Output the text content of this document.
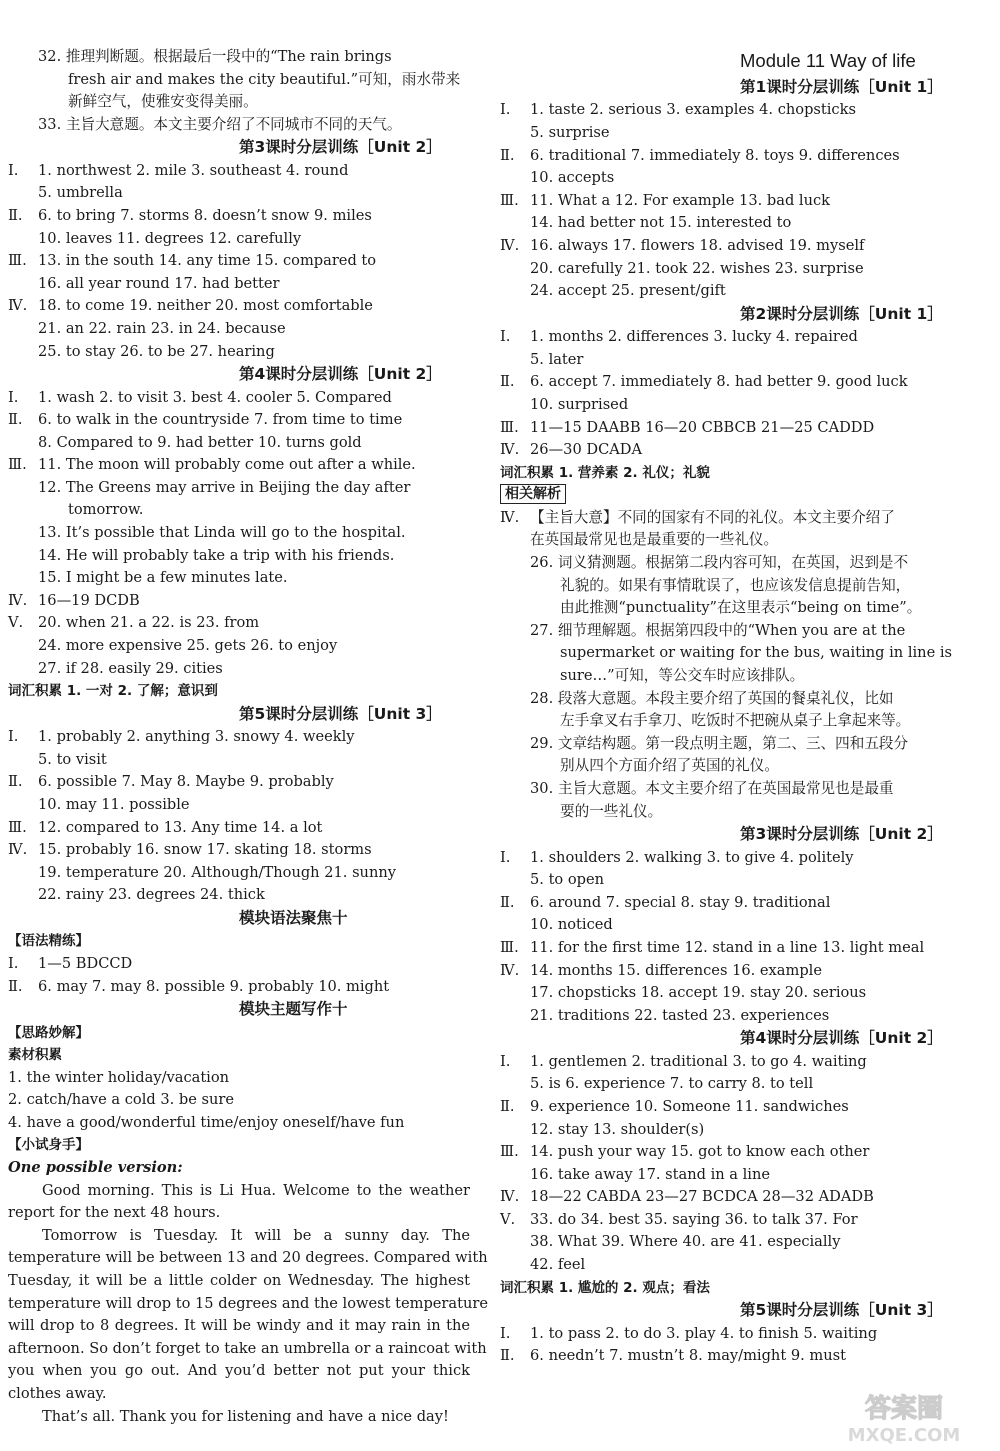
32. 推理判断题。根据最后一段中的“The rain brings
fresh air and makes the city beautiful.”可知，雨水带来
新鲜空气，使雅安变得美丽。
33. 主旨大意题。本文主要介绍了不同城市不同的天气。
第3课时分层训练［Unit 2］
Ⅰ. 1. northwest 2. mile 3. southeast 4. round
5. umbrella
Ⅱ. 6. to bring 7. storms 8. doesn’t snow 9. miles
10. leaves 11. degrees 12. carefully
Ⅲ. 13. in the south 14. any time 15. compared to
16. all year round 17. had better
Ⅳ. 18. to come 19. neither 20. most comfortable
21. an 22. rain 23. in 24. because
25. to stay 26. to be 27. hearing
第4课时分层训练［Unit 2］
Ⅰ. 1. wash 2. to visit 3. best 4. cooler 5. Compared
Ⅱ. 6. to walk in the countryside 7. from time to time
8. Compared to 9. had better 10. turns gold
Ⅲ. 11. The moon will probably come out after a while.
12. The Greens may arrive in Beijing the day after
tomorrow.
13. It’s possible that Linda will go to the hospital.
14. He will probably take a trip with his friends.
15. I might be a few minutes late.
Ⅳ. 16—19 DCDB
Ⅴ. 20. when 21. a 22. is 23. from
24. more expensive 25. gets 26. to enjoy
27. if 28. easily 29. cities
词汇积累 1. 一对 2. 了解；意识到
第5课时分层训练［Unit 3］
Ⅰ. 1. probably 2. anything 3. snowy 4. weekly
5. to visit
Ⅱ. 6. possible 7. May 8. Maybe 9. probably
10. may 11. possible
Ⅲ. 12. compared to 13. Any time 14. a lot
Ⅳ. 15. probably 16. snow 17. skating 18. storms
19. temperature 20. Although/Though 21. sunny
22. rainy 23. degrees 24. thick
模块语法聚焦十
【语法精练】
Ⅰ. 1—5 BDCCD
Ⅱ. 6. may 7. may 8. possible 9. probably 10. might
模块主题写作十
【思路妙解】
素材积累
1. the winter holiday/vacation
2. catch/have a cold 3. be sure
4. have a good/wonderful time/enjoy oneself/have fun
【小试身手】
One possible version:
Good morning. This is Li Hua. Welcome to the weather
report for the next 48 hours.
Tomorrow is Tuesday. It will be a sunny day. The
temperature will be between 13 and 20 degrees. Compared with
Tuesday, it will be a little colder on Wednesday. The highest
temperature will drop to 15 degrees and the lowest temperature
will drop to 8 degrees. It will be windy and it may rain in the
afternoon. So don’t forget to take an umbrella or a raincoat with
you when you go out. And you’d better not put your thick
clothes away.
That’s all. Thank you for listening and have a nice day!
Module 11 Way of life
第1课时分层训练［Unit 1］
Ⅰ. 1. taste 2. serious 3. examples 4. chopsticks
5. surprise
Ⅱ. 6. traditional 7. immediately 8. toys 9. differences
10. accepts
Ⅲ. 11. What a 12. For example 13. bad luck
14. had better not 15. interested to
Ⅳ. 16. always 17. flowers 18. advised 19. myself
20. carefully 21. took 22. wishes 23. surprise
24. accept 25. present/gift
第2课时分层训练［Unit 1］
Ⅰ. 1. months 2. differences 3. lucky 4. repaired
5. later
Ⅱ. 6. accept 7. immediately 8. had better 9. good luck
10. surprised
Ⅲ. 11—15 DAABB 16—20 CBBCB 21—25 CADDD
Ⅳ. 26—30 DCADA
词汇积累 1. 营养素 2. 礼仪；礼貌
相关解析
Ⅳ. 【主旨大意】不同的国家有不同的礼仪。本文主要介绍了
在英国最常见也是最重要的一些礼仪。
26. 词义猜测题。根据第二段内容可知，在英国，迟到是不
礼貌的。如果有事情耽误了，也应该发信息提前告知，
由此推测“punctuality”在这里表示“being on time”。
27. 细节理解题。根据第四段中的“When you are at the
supermarket or waiting for the bus, waiting in line is
sure…”可知，等公交车时应该排队。
28. 段落大意题。本段主要介绍了英国的餐桌礼仪，比如
左手拿叉右手拿刀、吃饭时不把碗从桌子上拿起来等。
29. 文章结构题。第一段点明主题，第二、三、四和五段分
别从四个方面介绍了英国的礼仪。
30. 主旨大意题。本文主要介绍了在英国最常见也是最重
要的一些礼仪。
第3课时分层训练［Unit 2］
Ⅰ. 1. shoulders 2. walking 3. to give 4. politely
5. to open
Ⅱ. 6. around 7. special 8. stay 9. traditional
10. noticed
Ⅲ. 11. for the first time 12. stand in a line 13. light meal
Ⅳ. 14. months 15. differences 16. example
17. chopsticks 18. accept 19. stay 20. serious
21. traditions 22. tasted 23. experiences
第4课时分层训练［Unit 2］
Ⅰ. 1. gentlemen 2. traditional 3. to go 4. waiting
5. is 6. experience 7. to carry 8. to tell
Ⅱ. 9. experience 10. Someone 11. sandwiches
12. stay 13. shoulder(s)
Ⅲ. 14. push your way 15. got to know each other
16. take away 17. stand in a line
Ⅳ. 18—22 CABDA 23—27 BCDCA 28—32 ADADB
Ⅴ. 33. do 34. best 35. saying 36. to talk 37. For
38. What 39. Where 40. are 41. especially
42. feel
词汇积累 1. 尴尬的 2. 观点；看法
第5课时分层训练［Unit 3］
Ⅰ. 1. to pass 2. to do 3. play 4. to finish 5. waiting
Ⅱ. 6. needn’t 7. mustn’t 8. may/might 9. must
答案圈
MXQE.COM
